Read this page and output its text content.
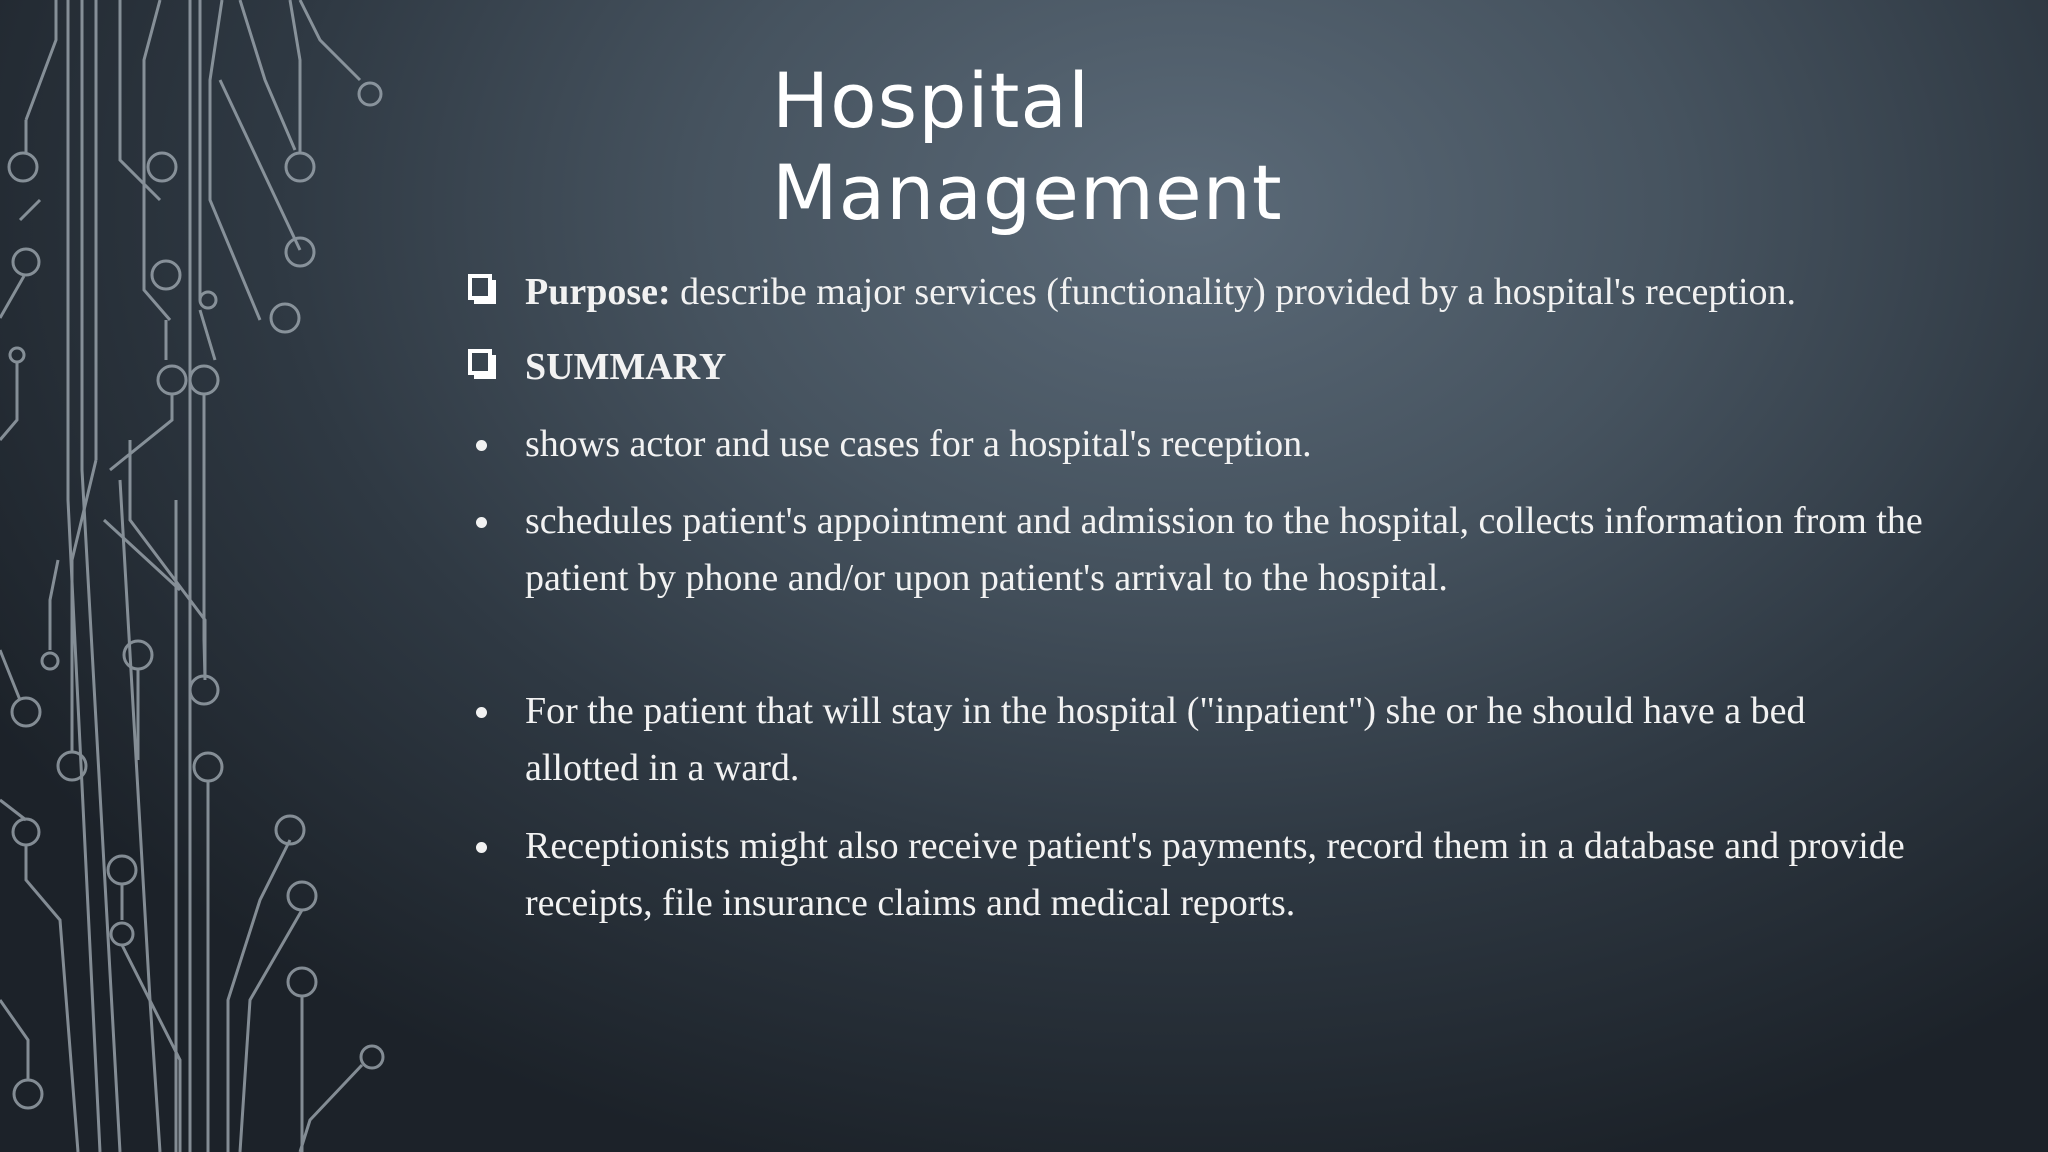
Hospital
Management
Purpose: describe major services (functionality) provided by a hospital's reception.
SUMMARY
shows actor and use cases for a hospital's reception.
schedules patient's appointment and admission to the hospital, collects information from the patient by phone and/or upon patient's arrival to the hospital.
For the patient that will stay in the hospital ("inpatient") she or he should have a bed allotted in a ward.
Receptionists might also receive patient's payments, record them in a database and provide receipts, file insurance claims and medical reports.
